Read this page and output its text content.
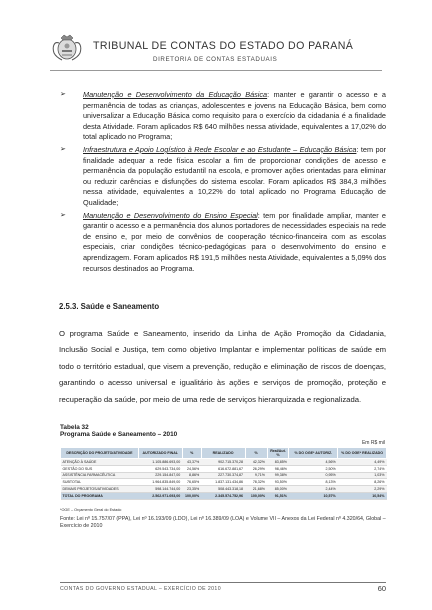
TRIBUNAL DE CONTAS DO ESTADO DO PARANÁ
DIRETORIA DE CONTAS ESTADUAIS
➢ Manutenção e Desenvolvimento da Educação Básica: manter e garantir o acesso e a permanência de todas as crianças, adolescentes e jovens na Educação Básica, bem como universalizar a Educação Básica como requisito para o exercício da cidadania é a finalidade desta Atividade. Foram aplicados R$ 640 milhões nessa atividade, equivalentes a 17,02% do total aplicado no Programa;
➢ Infraestrutura e Apoio Logístico à Rede Escolar e ao Estudante – Educação Básica: tem por finalidade adequar a rede física escolar a fim de proporcionar condições de acesso e permanência da população estudantil na escola, e promover ações orientadas para eliminar ou reduzir carências e disfunções do sistema escolar. Foram aplicados R$ 384,3 milhões nessa atividade, equivalentes a 10,22% do total aplicado no Programa Educação de Qualidade;
➢ Manutenção e Desenvolvimento do Ensino Especial: tem por finalidade ampliar, manter e garantir o acesso e a permanência dos alunos portadores de necessidades especiais na rede de ensino e, por meio de convênios de cooperação técnico-financeira com as escolas especiais, criar condições técnico-pedagógicas para o desenvolvimento do ensino e aprendizagem. Foram aplicados R$ 191,5 milhões nesta Atividade, equivalentes a 5,09% dos recursos destinados ao Programa.
2.5.3. Saúde e Saneamento
O programa Saúde e Saneamento, inserido da Linha de Ação Promoção da Cidadania, Inclusão Social e Justiça, tem como objetivo Implantar e implementar políticas de saúde em todo o território estadual, que visem a prevenção, redução e eliminação de riscos de doenças, garantindo o acesso universal e igualitário às ações e serviços de promoção, proteção e recuperação da saúde, por meio de uma rede de serviços hierarquizada e regionalizada.
Tabela 32
Programa Saúde e Saneamento – 2010
Em R$ mil
DESCRIÇÃO DO PROJETO/ATIVIDADE	AUTORIZADO FINAL	%	REALIZADO	%	Real/Aut. %	% DO OGE* AUTORIZ.	% DO OGE* REALIZADO
ATENÇÃO À SAÚDE	1.105.886.693,00	43,37%	902.715.370,28	42,32%	83,85%	4,56%	4,49%
GESTÃO DO SUS	629.543.734,00	24,56%	616.672.881,67	26,29%	98,46%	2,50%	2,74%
ASSISTÊNCIA FARMACÊUTICA	229.154.847,00	8,86%	227.730.374,87	9,71%	99,38%	0,95%	1,03%
SUBTOTAL	1.964.835.849,00	76,65%	1.837.131.434,86	78,32%	93,50%	8,13%	8,26%
DEMAIS PROJETOS/ATIVIDADES	598.144.744,00	23,35%	508.443.318,18	21,68%	85,00%	2,44%	2,29%
TOTAL DO PROGRAMA	2.562.971.693,00	100,00%	2.345.574.752,96	100,00%	91,51%	10,57%	10,54%
*OGE – Orçamento Geral do Estado
Fonte: Lei nº 15.757/07 (PPA), Lei nº 16.193/09 (LDO), Lei nº 16.389/09 (LOA) e Volume VII – Anexos da Lei Federal nº 4.320/64, Global – Exercício de 2010
CONTAS DO GOVERNO ESTADUAL – EXERCÍCIO DE 2010	60
